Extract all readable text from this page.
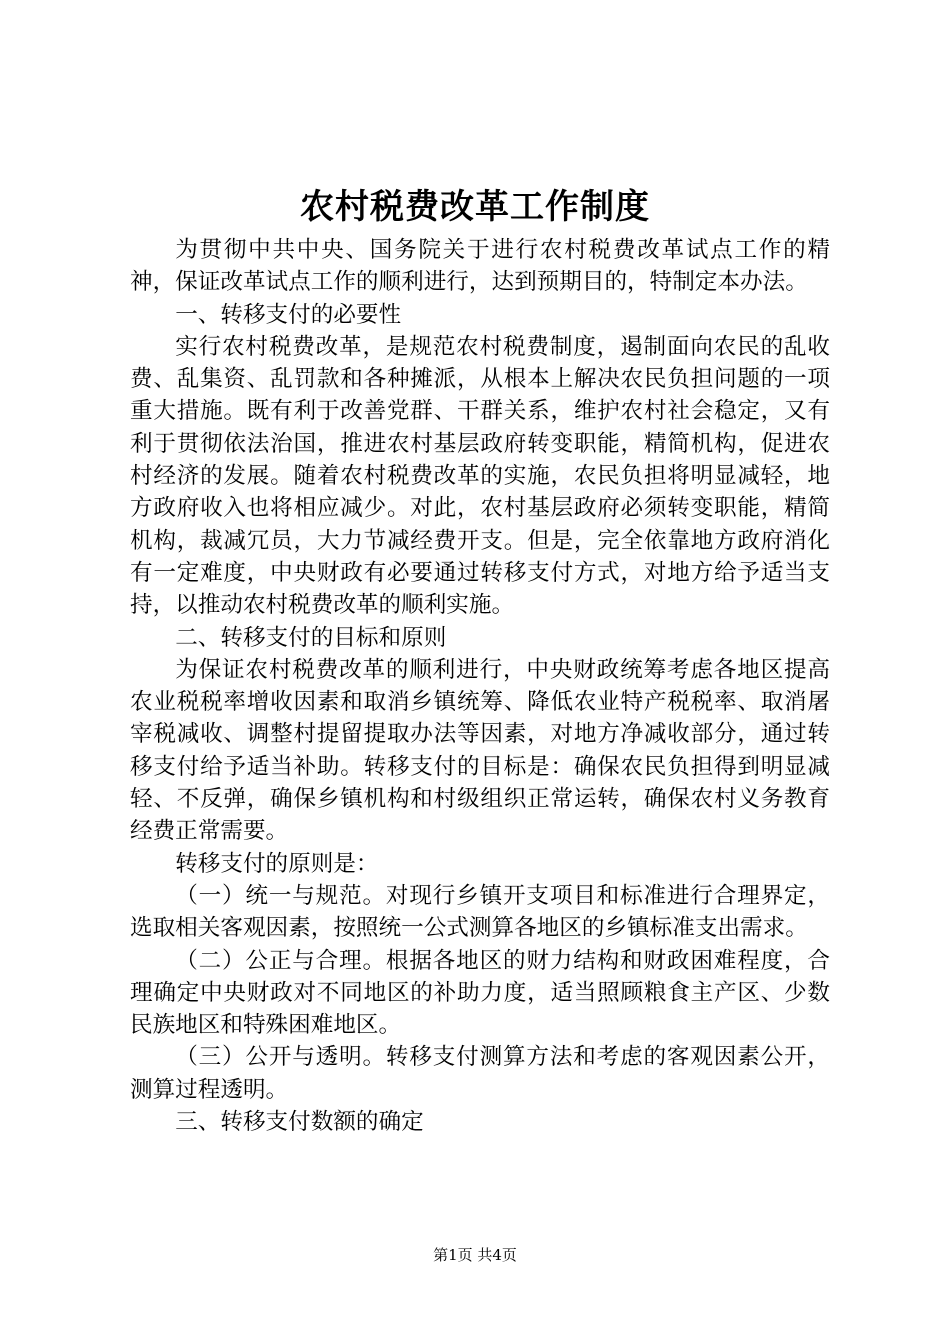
农村税费改革工作制度

为贯彻中共中央、国务院关于进行农村税费改革试点工作的精神，保证改革试点工作的顺利进行，达到预期目的，特制定本办法。

一、转移支付的必要性

实行农村税费改革，是规范农村税费制度，遏制面向农民的乱收费、乱集资、乱罚款和各种摊派，从根本上解决农民负担问题的一项重大措施。既有利于改善党群、干群关系，维护农村社会稳定，又有利于贯彻依法治国，推进农村基层政府转变职能，精简机构，促进农村经济的发展。随着农村税费改革的实施，农民负担将明显减轻，地方政府收入也将相应减少。对此，农村基层政府必须转变职能，精简机构，裁减冗员，大力节减经费开支。但是，完全依靠地方政府消化有一定难度，中央财政有必要通过转移支付方式，对地方给予适当支持，以推动农村税费改革的顺利实施。

二、转移支付的目标和原则

为保证农村税费改革的顺利进行，中央财政统筹考虑各地区提高农业税税率增收因素和取消乡镇统筹、降低农业特产税税率、取消屠宰税减收、调整村提留提取办法等因素，对地方净减收部分，通过转移支付给予适当补助。转移支付的目标是：确保农民负担得到明显减轻、不反弹，确保乡镇机构和村级组织正常运转，确保农村义务教育经费正常需要。

转移支付的原则是：

（一）统一与规范。对现行乡镇开支项目和标准进行合理界定，选取相关客观因素，按照统一公式测算各地区的乡镇标准支出需求。

（二）公正与合理。根据各地区的财力结构和财政困难程度，合理确定中央财政对不同地区的补助力度，适当照顾粮食主产区、少数民族地区和特殊困难地区。

（三）公开与透明。转移支付测算方法和考虑的客观因素公开，测算过程透明。

三、转移支付数额的确定

第1页 共4页
